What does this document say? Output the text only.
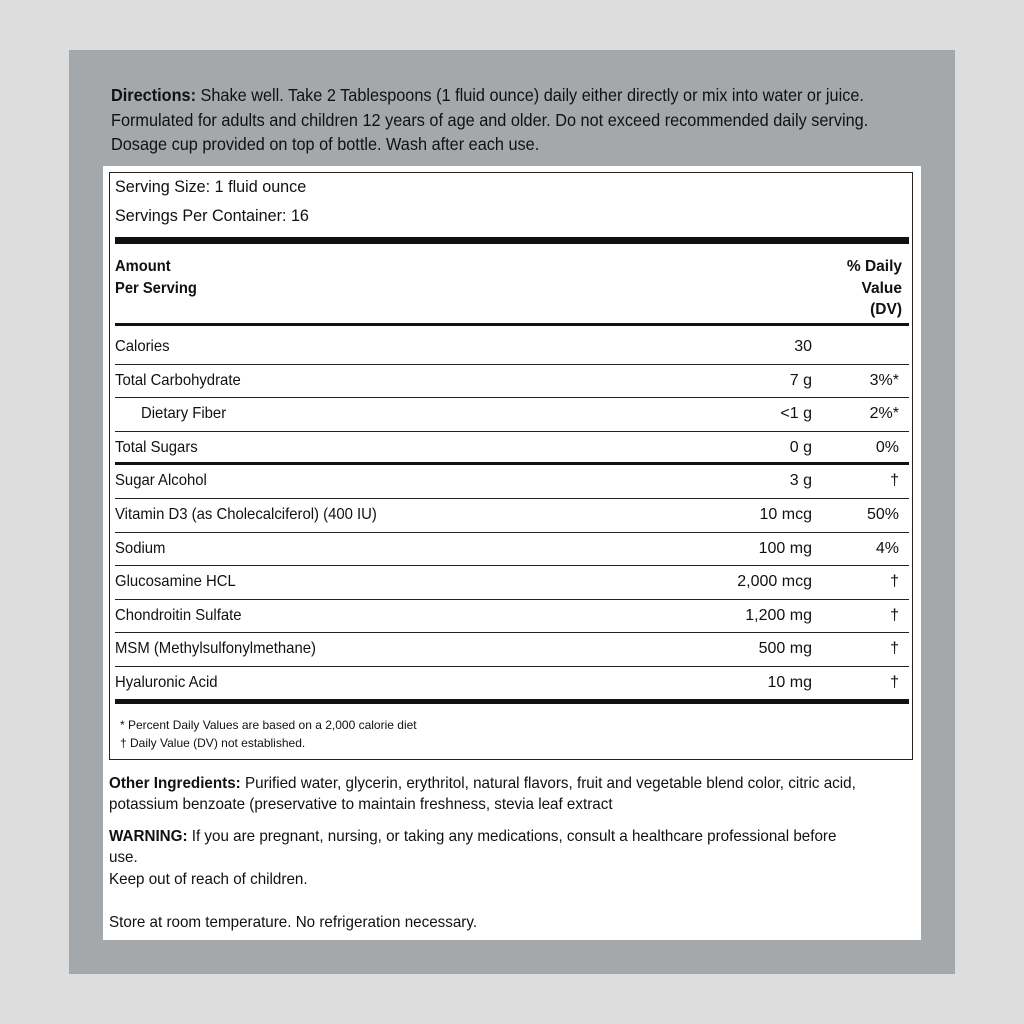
Directions: Shake well. Take 2 Tablespoons (1 fluid ounce) daily either directly or mix into water or juice. Formulated for adults and children 12 years of age and older. Do not exceed recommended daily serving. Dosage cup provided on top of bottle. Wash after each use.
Serving Size: 1 fluid ounce
Servings Per Container: 16
Amount
Per Serving
% Daily
Value
(DV)
Calories	30
Total Carbohydrate	7 g	3%*
Dietary Fiber	<1 g	2%*
Total Sugars	0 g	0%
Sugar Alcohol	3 g	†
Vitamin D3 (as Cholecalciferol) (400 IU)	10 mcg	50%
Sodium	100 mg	4%
Glucosamine HCL	2,000 mcg	†
Chondroitin Sulfate	1,200 mg	†
MSM (Methylsulfonylmethane)	500 mg	†
Hyaluronic Acid	10 mg	†
* Percent Daily Values are based on a 2,000 calorie diet
† Daily Value (DV) not established.
Other Ingredients: Purified water, glycerin, erythritol, natural flavors, fruit and vegetable blend color, citric acid, potassium benzoate (preservative to maintain freshness, stevia leaf extract
WARNING: If you are pregnant, nursing, or taking any medications, consult a healthcare professional before use.
Keep out of reach of children.
Store at room temperature. No refrigeration necessary.
